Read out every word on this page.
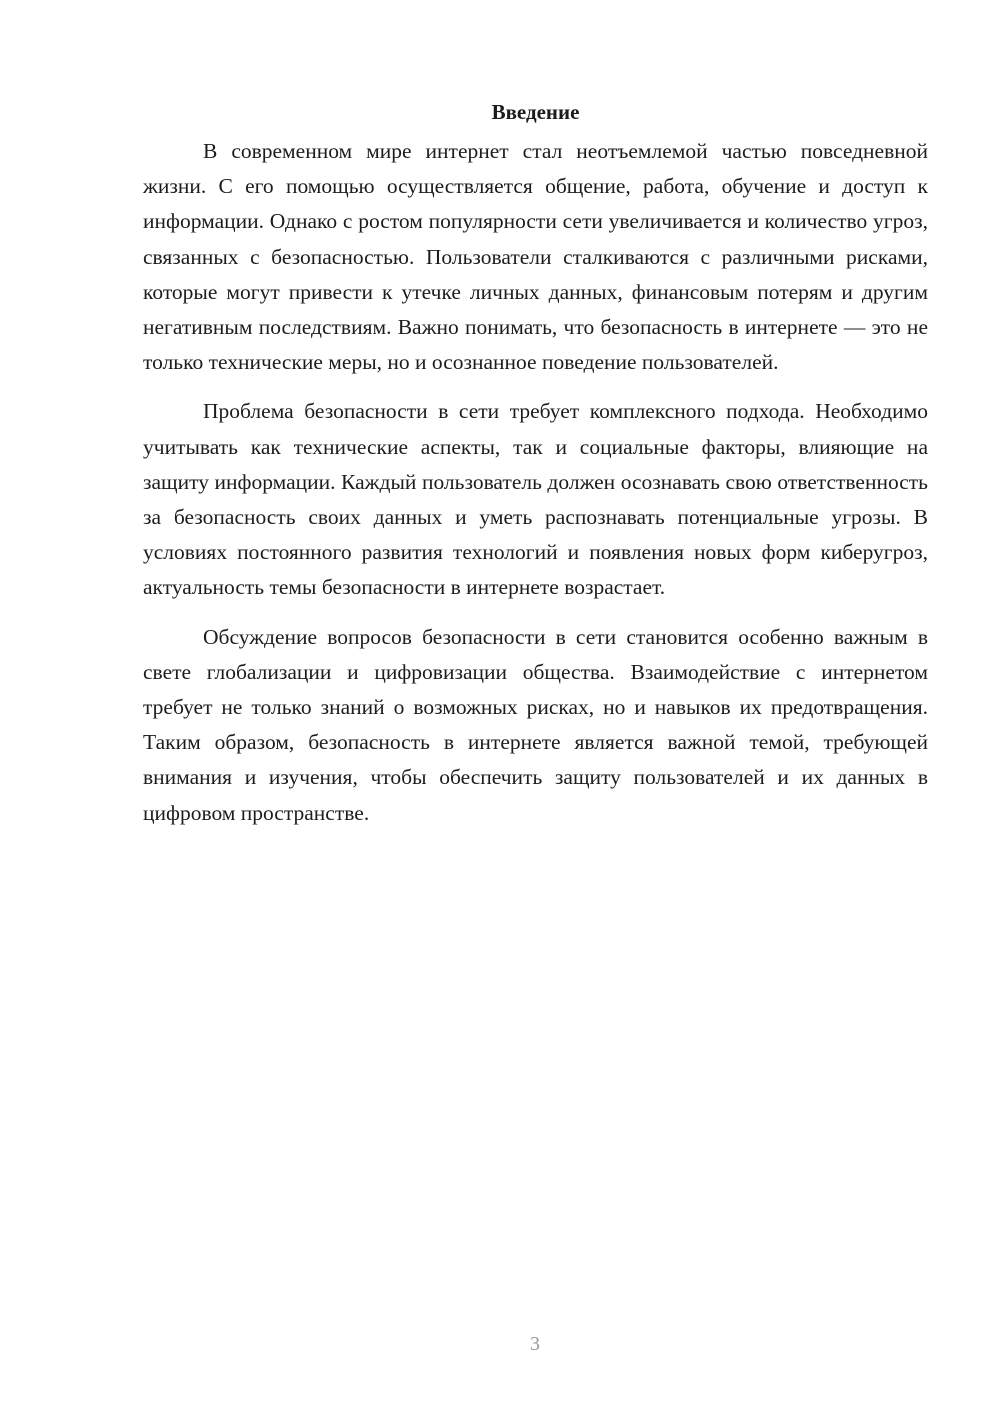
Введение

В современном мире интернет стал неотъемлемой частью повседневной жизни. С его помощью осуществляется общение, работа, обучение и доступ к информации. Однако с ростом популярности сети увеличивается и количество угроз, связанных с безопасностью. Пользователи сталкиваются с различными рисками, которые могут привести к утечке личных данных, финансовым потерям и другим негативным последствиям. Важно понимать, что безопасность в интернете — это не только технические меры, но и осознанное поведение пользователей.

Проблема безопасности в сети требует комплексного подхода. Необходимо учитывать как технические аспекты, так и социальные факторы, влияющие на защиту информации. Каждый пользователь должен осознавать свою ответственность за безопасность своих данных и уметь распознавать потенциальные угрозы. В условиях постоянного развития технологий и появления новых форм киберугроз, актуальность темы безопасности в интернете возрастает.

Обсуждение вопросов безопасности в сети становится особенно важным в свете глобализации и цифровизации общества. Взаимодействие с интернетом требует не только знаний о возможных рисках, но и навыков их предотвращения. Таким образом, безопасность в интернете является важной темой, требующей внимания и изучения, чтобы обеспечить защиту пользователей и их данных в цифровом пространстве.

3
